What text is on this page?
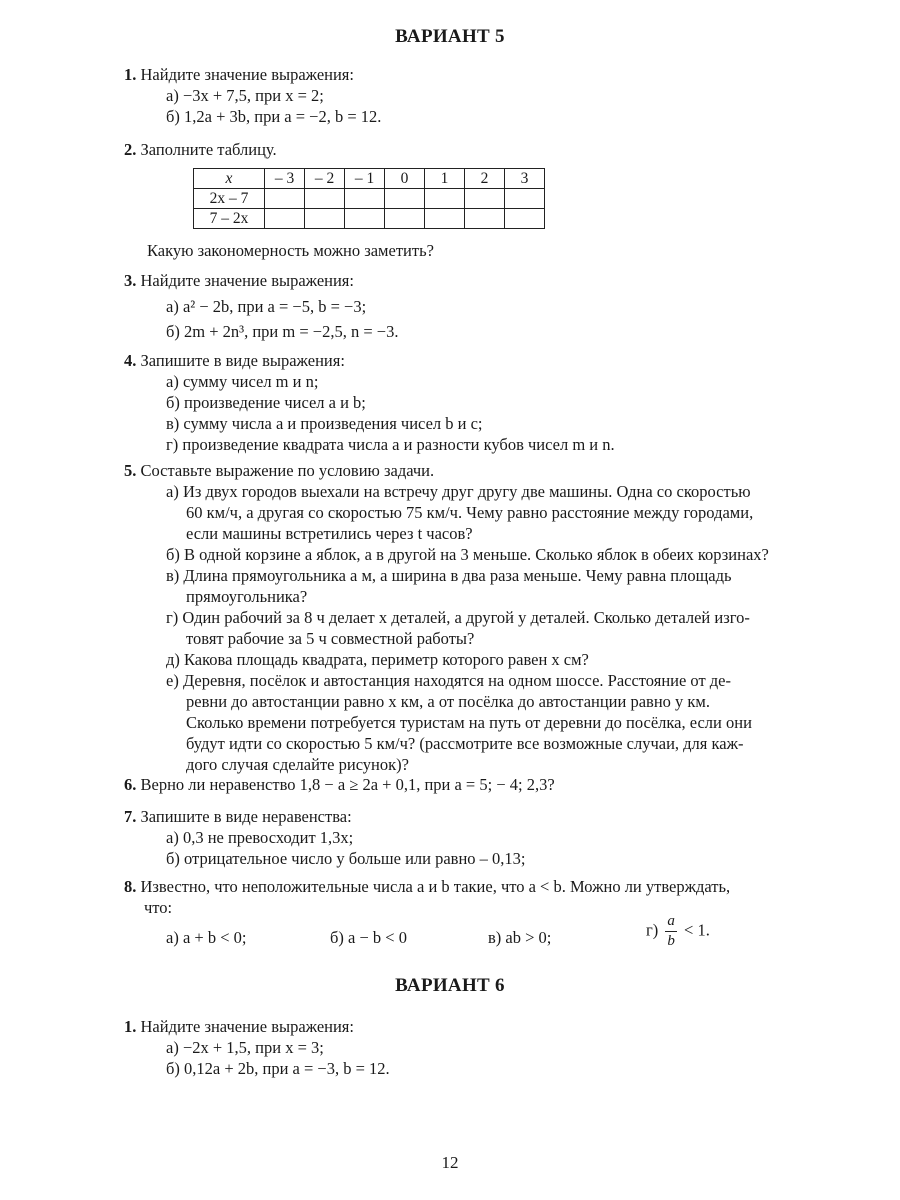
ВАРИАНТ 5
1. Найдите значение выражения:
а) −3x + 7,5, при x = 2;
б) 1,2a + 3b, при a = −2, b = 12.
2. Заполните таблицу.
x	– 3	– 2	– 1	0	1	2	3
2x – 7							
7 – 2x							
Какую закономерность можно заметить?
3. Найдите значение выражения:
а) a² − 2b, при a = −5, b = −3;
б) 2m + 2n³, при m = −2,5, n = −3.
4. Запишите в виде выражения:
а) сумму чисел m и n;
б) произведение чисел a и b;
в) сумму числа a и произведения чисел b и c;
г) произведение квадрата числа a и разности кубов чисел m и n.
5. Составьте выражение по условию задачи.
а) Из двух городов выехали на встречу друг другу две машины. Одна со скоростью
60 км/ч, а другая со скоростью 75 км/ч. Чему равно расстояние между городами,
если машины встретились через t часов?
б) В одной корзине a яблок, а в другой на 3 меньше. Сколько яблок в обеих корзинах?
в) Длина прямоугольника a м, а ширина в два раза меньше. Чему равна площадь
прямоугольника?
г) Один рабочий за 8 ч делает x деталей, а другой y деталей. Сколько деталей изго-
товят рабочие за 5 ч совместной работы?
д) Какова площадь квадрата, периметр которого равен x см?
е) Деревня, посёлок и автостанция находятся на одном шоссе. Расстояние от де-
ревни до автостанции равно x км, а от посёлка до автостанции равно y км.
Сколько времени потребуется туристам на путь от деревни до посёлка, если они
будут идти со скоростью 5 км/ч? (рассмотрите все возможные случаи, для каж-
дого случая сделайте рисунок)?
6. Верно ли неравенство 1,8 − a ≥ 2a + 0,1, при a = 5; − 4; 2,3?
7. Запишите в виде неравенства:
а) 0,3 не превосходит 1,3x;
б) отрицательное число y больше или равно – 0,13;
8. Известно, что неположительные числа a и b такие, что a < b. Можно ли утверждать,
что:
а) a + b < 0;	б) a − b < 0	в) ab > 0;	$г) \frac{a}{b} < 1$.
ВАРИАНТ 6
1. Найдите значение выражения:
а) −2x + 1,5, при x = 3;
б) 0,12a + 2b, при a = −3, b = 12.
12
